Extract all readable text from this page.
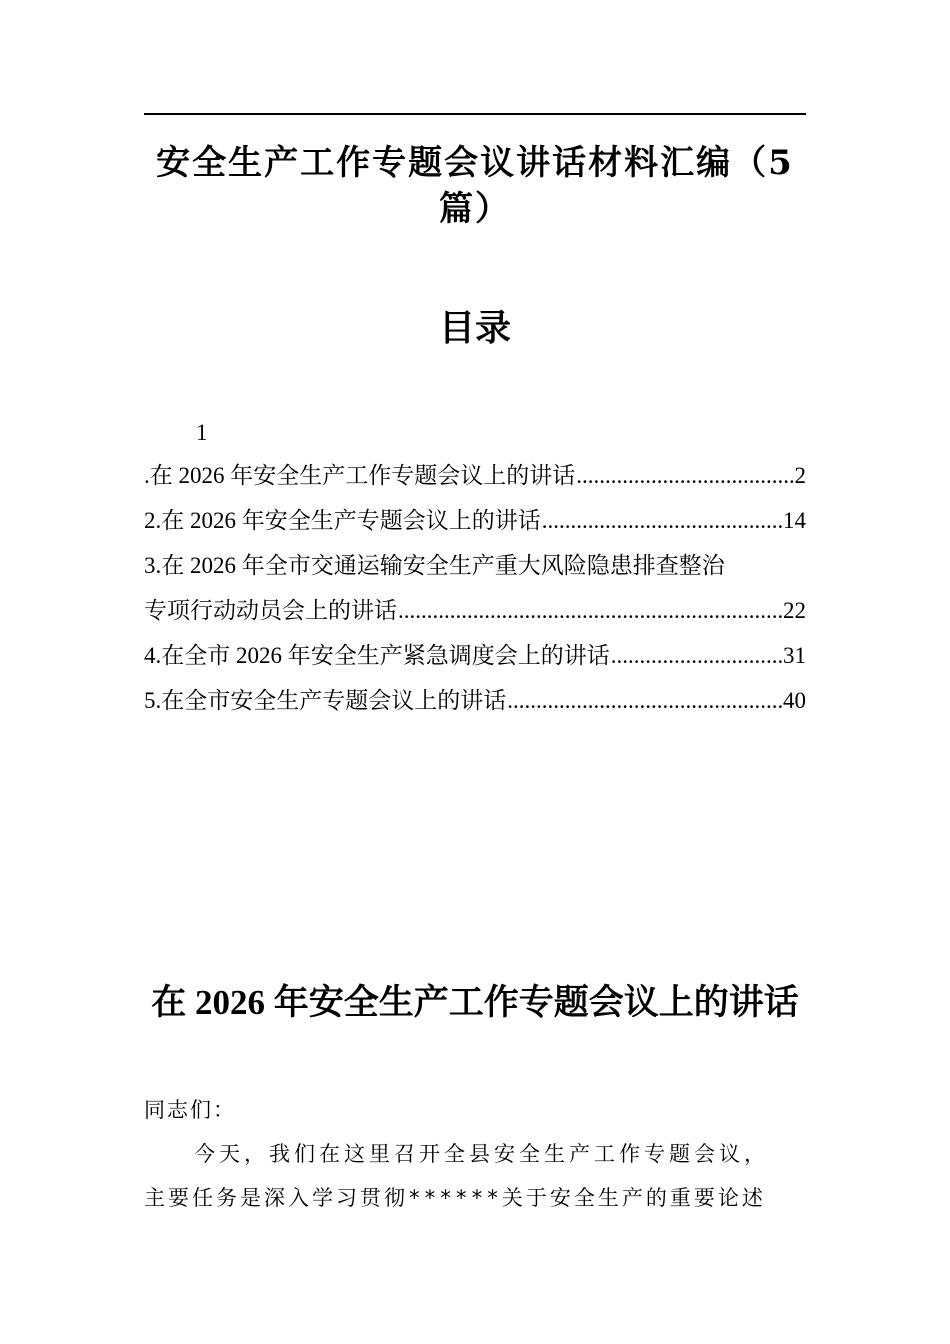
安全生产工作专题会议讲话材料汇编（5篇）
目录
1
.在 2026 年安全生产工作专题会议上的讲话 .....	2
2.在 2026 年安全生产专题会议上的讲话 .....	14
3.在 2026 年全市交通运输安全生产重大风险隐患排查整治
专项行动动员会上的讲话 .....	22
4.在全市 2026 年安全生产紧急调度会上的讲话 .....	31
5.在全市安全生产专题会议上的讲话 .....	40
在 2026 年安全生产工作专题会议上的讲话
同志们：
今天，我们在这里召开全县安全生产工作专题会议，
主要任务是深入学习贯彻******关于安全生产的重要论述
